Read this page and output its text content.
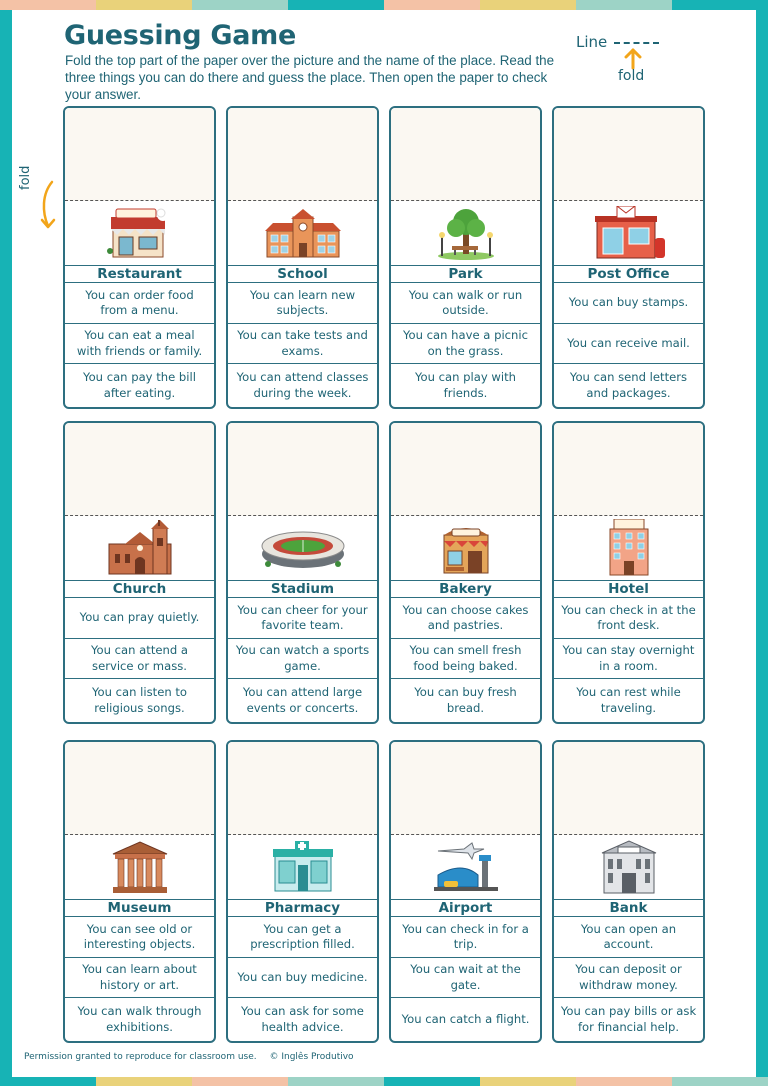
Guessing Game

Fold the top part of the paper over the picture and the name of the place. Read the three things you can do there and guess the place. Then open the paper to check your answer.

Line
fold
fold
Restaurant
You can order food from a menu.
You can eat a meal with friends or family.
You can pay the bill after eating.
School
You can learn new subjects.
You can take tests and exams.
You can attend classes during the week.
Park
You can walk or run outside.
You can have a picnic on the grass.
You can play with friends.
Post Office
You can buy stamps.
You can receive mail.
You can send letters and packages.
Church
You can pray quietly.
You can attend a service or mass.
You can listen to religious songs.
Stadium
You can cheer for your favorite team.
You can watch a sports game.
You can attend large events or concerts.
Bakery
You can choose cakes and pastries.
You can smell fresh food being baked.
You can buy fresh bread.
Hotel
You can check in at the front desk.
You can stay overnight in a room.
You can rest while traveling.
Museum
You can see old or interesting objects.
You can learn about history or art.
You can walk through exhibitions.
Pharmacy
You can get a prescription filled.
You can buy medicine.
You can ask for some health advice.
Airport
You can check in for a trip.
You can wait at the gate.
You can catch a flight.
Bank
You can open an account.
You can deposit or withdraw money.
You can pay bills or ask for financial help.
Permission granted to reproduce for classroom use. © Inglês Produtivo
